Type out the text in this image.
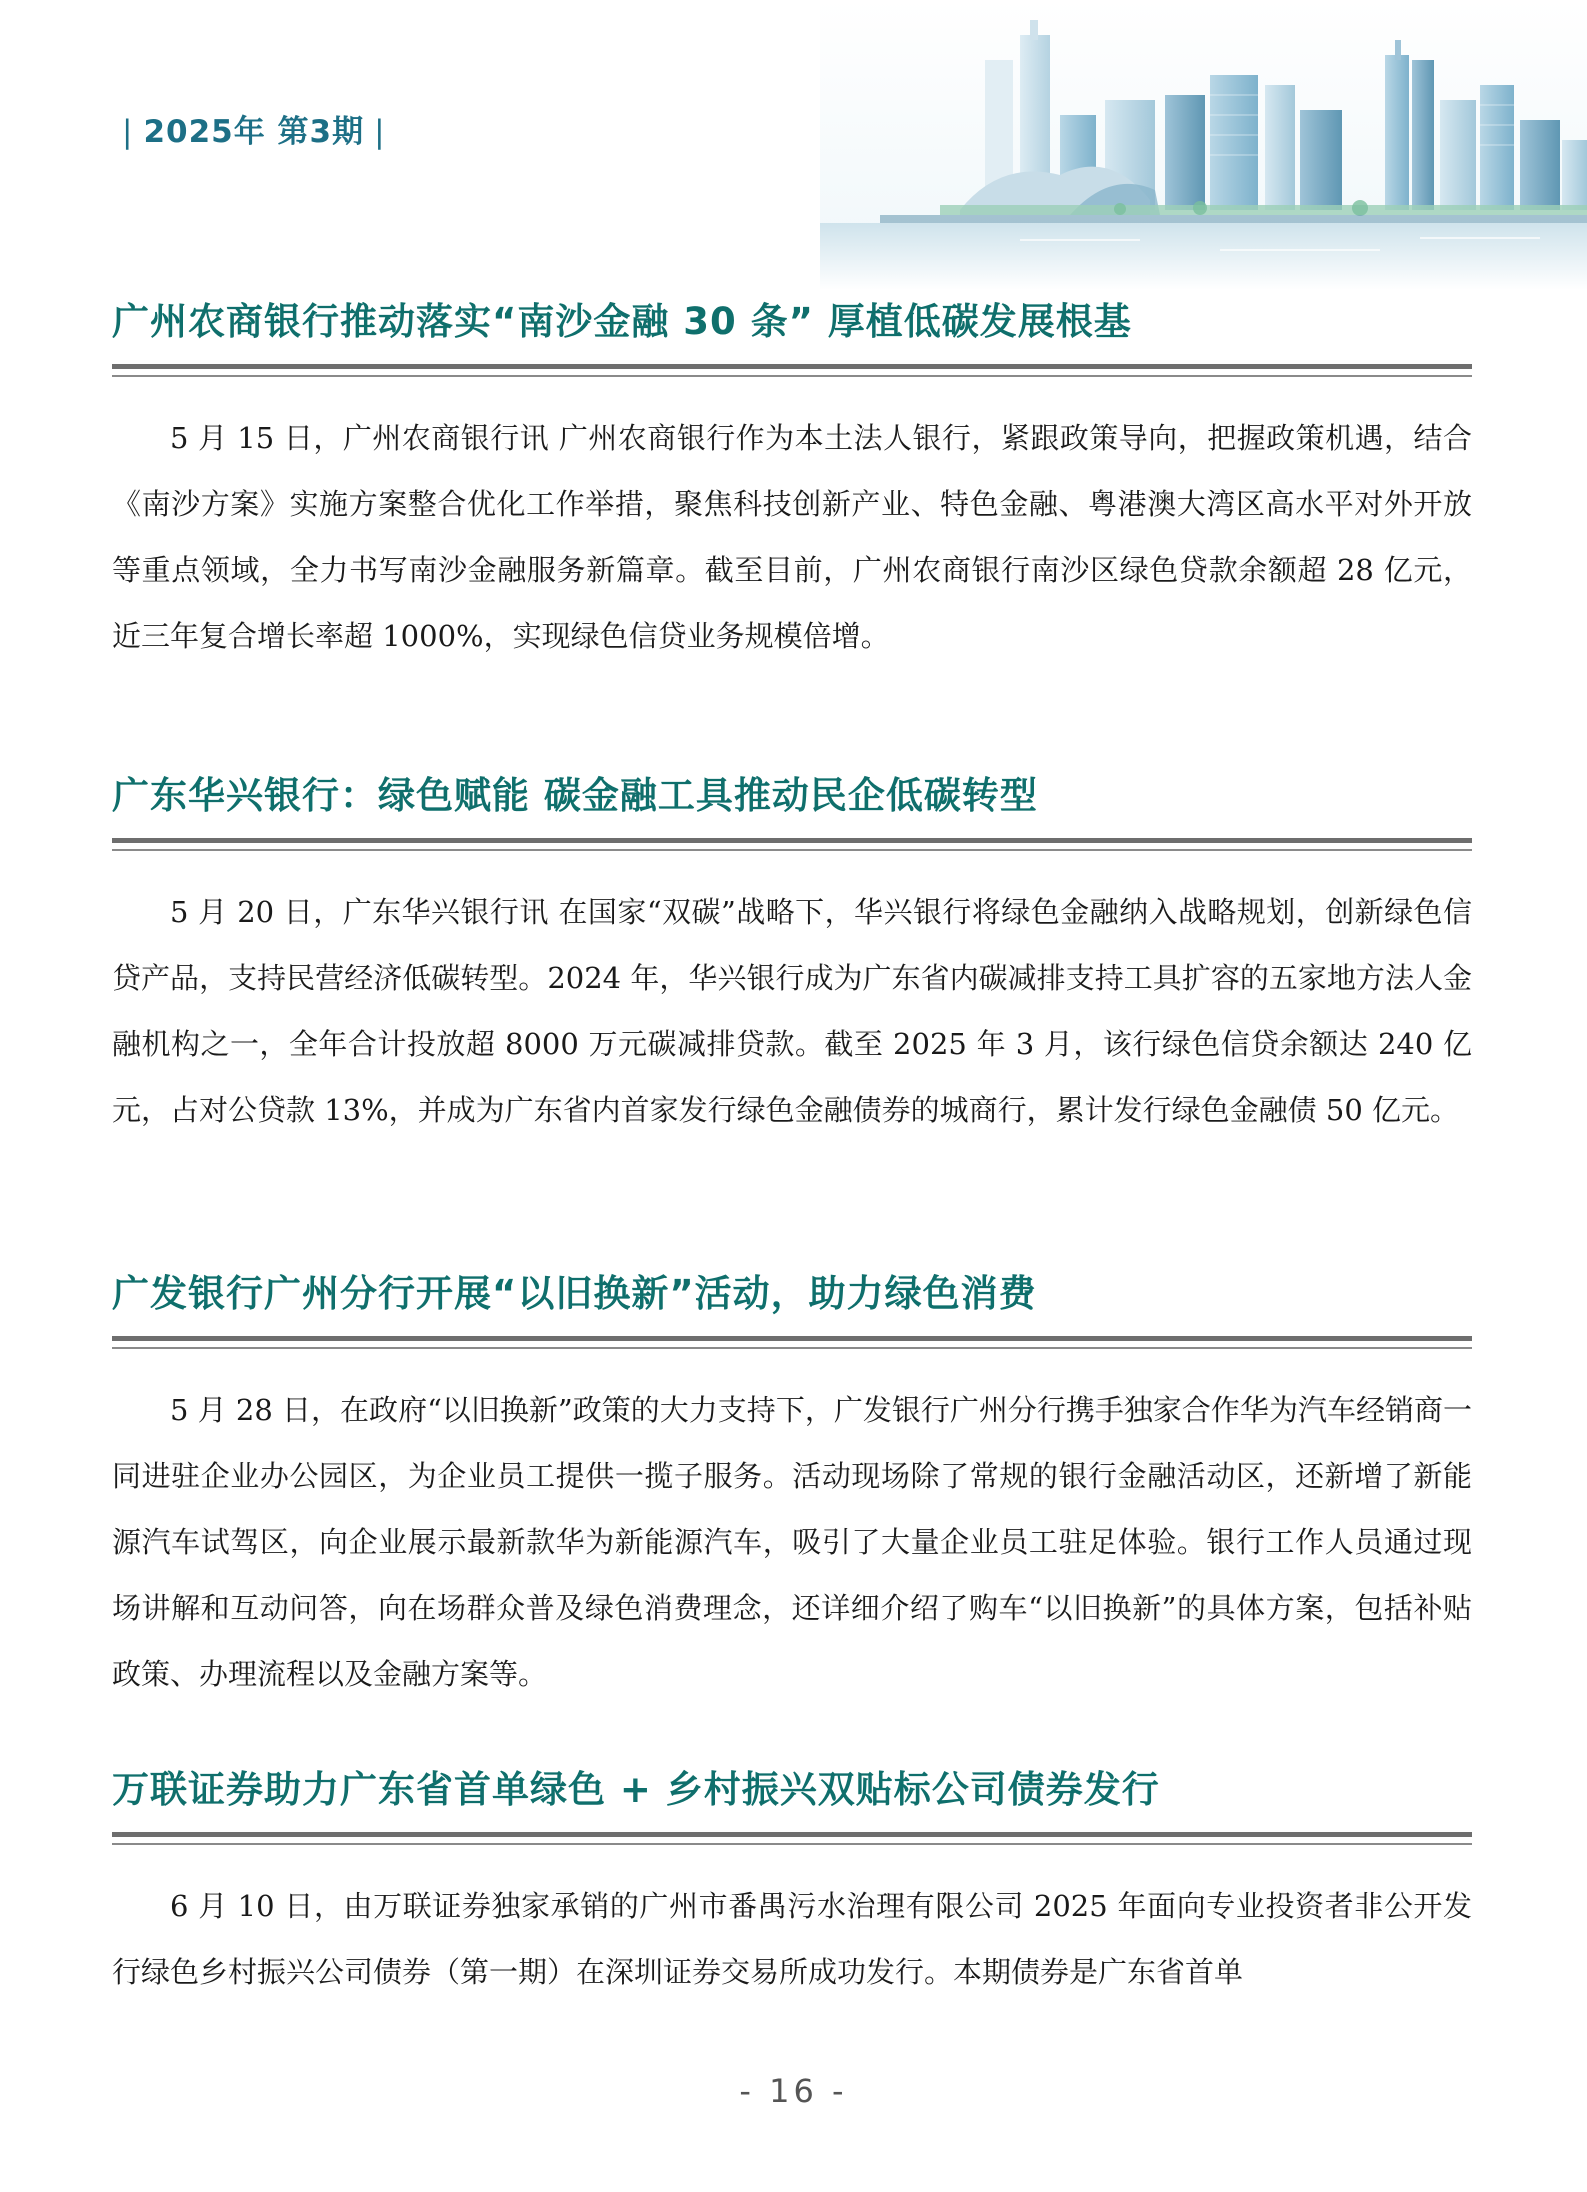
| 2025年 第3期 |
广州农商银行推动落实“南沙金融 30 条” 厚植低碳发展根基

5 月 15 日，广州农商银行讯 广州农商银行作为本土法人银行，紧跟政策导向，把握政策机遇，结合《南沙方案》实施方案整合优化工作举措，聚焦科技创新产业、特色金融、粤港澳大湾区高水平对外开放等重点领域，全力书写南沙金融服务新篇章。截至目前，广州农商银行南沙区绿色贷款余额超 28 亿元，近三年复合增长率超 1000%，实现绿色信贷业务规模倍增。

广东华兴银行：绿色赋能 碳金融工具推动民企低碳转型

5 月 20 日，广东华兴银行讯 在国家“双碳”战略下，华兴银行将绿色金融纳入战略规划，创新绿色信贷产品，支持民营经济低碳转型。2024 年，华兴银行成为广东省内碳减排支持工具扩容的五家地方法人金融机构之一，全年合计投放超 8000 万元碳减排贷款。截至 2025 年 3 月，该行绿色信贷余额达 240 亿元，占对公贷款 13%，并成为广东省内首家发行绿色金融债券的城商行，累计发行绿色金融债 50 亿元。

广发银行广州分行开展“以旧换新”活动，助力绿色消费

5 月 28 日，在政府“以旧换新”政策的大力支持下，广发银行广州分行携手独家合作华为汽车经销商一同进驻企业办公园区，为企业员工提供一揽子服务。活动现场除了常规的银行金融活动区，还新增了新能源汽车试驾区，向企业展示最新款华为新能源汽车，吸引了大量企业员工驻足体验。银行工作人员通过现场讲解和互动问答，向在场群众普及绿色消费理念，还详细介绍了购车“以旧换新”的具体方案，包括补贴政策、办理流程以及金融方案等。

万联证券助力广东省首单绿色 + 乡村振兴双贴标公司债券发行

6 月 10 日，由万联证券独家承销的广州市番禺污水治理有限公司 2025 年面向专业投资者非公开发行绿色乡村振兴公司债券（第一期）在深圳证券交易所成功发行。本期债券是广东省首单

- 16 -
